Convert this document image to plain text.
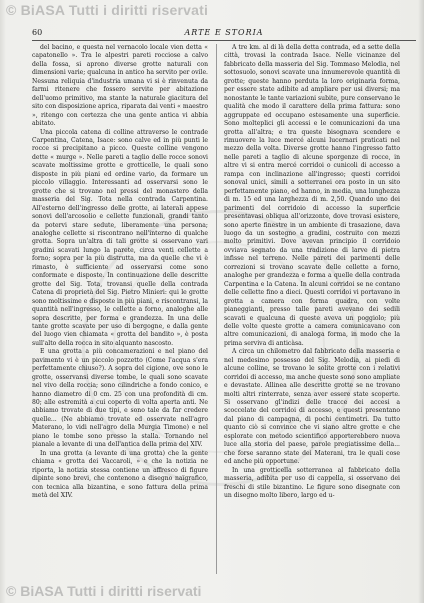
© BiASA Tutti i diritti riservati
60	ARTE E STORIA

del bacino, e questa nel vernacolo locale vien detta « capatonello ». Tra le alpestri pareti rocciose a calvo della fossa, si aprono diverse grotte naturali con dimensioni varie; qualcuna in antico ha servito per ovile. Nessuna reliquia d'industria umana vi si è rinvenuta da farmi ritenere che fossero servite per abitazione dell'uomo primitivo, ma stante la naturale giacitura del sito con disposizione aprica, riparata dai venti « maestro », ritengo con certezza che una gente antica vi abbia abitato.

Una piccola catena di colline attraverso le contrade Carpentina, Catena, Isace: sono calve ed in più punti le rocce si precipitano a picco. Queste colline vengono dette « murge ». Nelle pareti a taglio delle rocce sonovi scavate moltissime grotte e grotticelle, le quali sono disposte in più piani ed ordine vario, da formare un piccolo villaggio. Interessanti ad osservarsi sono le grotte che si trovano nel pressi del monastero della masseria del Sig. Tota nella contrada Carpentina. All'esterno dell'ingresso delle grotte, ai laterali appese sonovi dell'arcosolio e cellette funzionali, grandi tanto da potervi stare sedute, liberamente una persona; analoghe cellette si riscontrano nell'interno di qualche grotta. Sopra un'altra di tali grotte si osservano vari gradini scavati lungo la parete, circa venti cellette a forno; sopra per la più distrutta, ma da quelle che vi è rimasto, è sufficiente ad osservarsi come sono conformate e disposte. In continuazione delle descritte grotte del Sig. Tota, trovansi quelle della contrada Catena di proprietà del Sig. Pietro Minieri: qui le grotte sono moltissime e disposte in più piani, e riscontransi, la quantità nell'ingresso, le cellette a forno, analoghe alle sopra descritte, per forma e grandezza. In una delle tante grotte scavate per uso di bergogne, e dalla gente del luogo vien chiamata « grotta del bandito », è posta sull'alto della rocca in sito alquanto nascosto.

E una grotta a più concamerazioni e nel piano del pavimento vi è un piccolo pozzetto (Come l'acqua s'era perfettamente chiuso?). A sopra del cigione, ove sono le grotte, osservansi diverse tombe, le quali sono scavate nel vivo della roccia; sono cilindriche a fondo conico, e hanno diametro di 0 cm. 25 con una profondità di cm. 80; alle estremità a cui coperto di volta aperta anti. Ne abbiamo trovate di due tipi, e sono tale da far credere quelle... (Ne abbiamo trovate ed osservate nell'agro Materano, lo vidi nell'agro della Murgia Timone) e nel piano le tombe sono presso la stalla. Tornando nel pianale a levante di una dell'antica della prima del XIV.

In una grotta (a levante di una grotta) che la gente chiama « grotta dei Vaccaroli, » e che la notizia ne riporta, la notizia stessa contiene un affresco di figure dipinte sono brevi, che contenono a disegno naïgrafico, con tecnica alla bizantina, e sono fattura della prima metà del XIV.

A tre km. al di là della detta contrada, ed a sette della città, trovasi la contrada Isace. Nelle vicinanze del fabbricato della masseria del Sig. Tommaso Melodia, nel sottosuolo, sonovi scavate una innumerevole quantità di grotte; queste hanno perduta la loro originaria forma, per essere state adibite ad ampliare per usi diversi; ma nonostante le tante variazioni subite, pure conservano le qualità che modo il carattere della prima fattura: sono aggruppate ed occupano estesamente una superficie. Sono molteplici gli accessi e le comunicazioni da una grotta all'altra; e tra queste bisognava scendere e rimuovere la luce mercé alcuni lucernari praticati nel mezzo della volta. Diverse grotte hanno l'ingresso fatto nelle pareti a taglio di alcune sporgenze di rocce, in altre vi si entra mercé corridoi o cunicoli di accesso a rampa con inclinazione all'ingresso; questi corridoi sonoval unici, simili a sotterranei ora posto in un sito perfettamente piano, ed hanno, in media, una lunghezza di m. 15 ed una larghezza di m. 2,50. Quando uno dei parimenti del corridoio di accesso la superficie presentavasi obliqua all'orizzonte, dove trovasi esistere, sono aperte finestre in un ambiente di trasazione, dava luogo da un sostegno a gradini, costruito con mezzi molto primitivi. Dove avevan principio il corridoio ovviava segnato da una tradizione di larve di pietra infisse nel terreno. Nelle pareti dei parimenti delle correzioni si trovano scavate delle cellette a forno, analoghe per grandezza e forma a quelle della contrada Carpentina e la Catena. In alcuni corridoi se ne contano delle cellette fino a dieci. Questi corridoi vi portavano in grotta a camera con forma quadra, con volte pianeggianti, presso talle pareti avevano dei sedili scavati e qualcuna di queste aveva un poggiolo; più delle volte queste grotte a camera comunicavano con altre comunicazioni, di analoga forma, in modo che la prima serviva di anticàsa.

A circa un chilometro dal fabbricato della masseria e nel medesimo possesso del Sig. Melodia, ai piedi di alcune colline, se trovano le solite grotte con i relativi corridoi di accesso, ma anche queste sono sono ampliate e devastate. Allinea alle descritte grotte se ne trovano molti altri rinterrate, senza aver essere state scoperte. Si osservano gl'indizi delle tracce dei accesi a scoccelate del corridoi di accesso, e questi presentano dal piano di campagna, di pochi centimetri. Da tutto quanto ciò si convince che vi siano altre grotte e che esplorate con metodo scientifico apporterebbero nuova luce alla storia del paese, parole pregiatissime della... che forse saranno state dei Materani, tra le quali cose ed anche più opportune.

In una grotticella sotterranea al fabbricato della masseria, adibita per uso di cappella, si osservano dei freschi di stile bizantino. Le figure sono disegnate con un disegno molto libero, largo ed u-

© BiASA Tutti i diritti riservati
